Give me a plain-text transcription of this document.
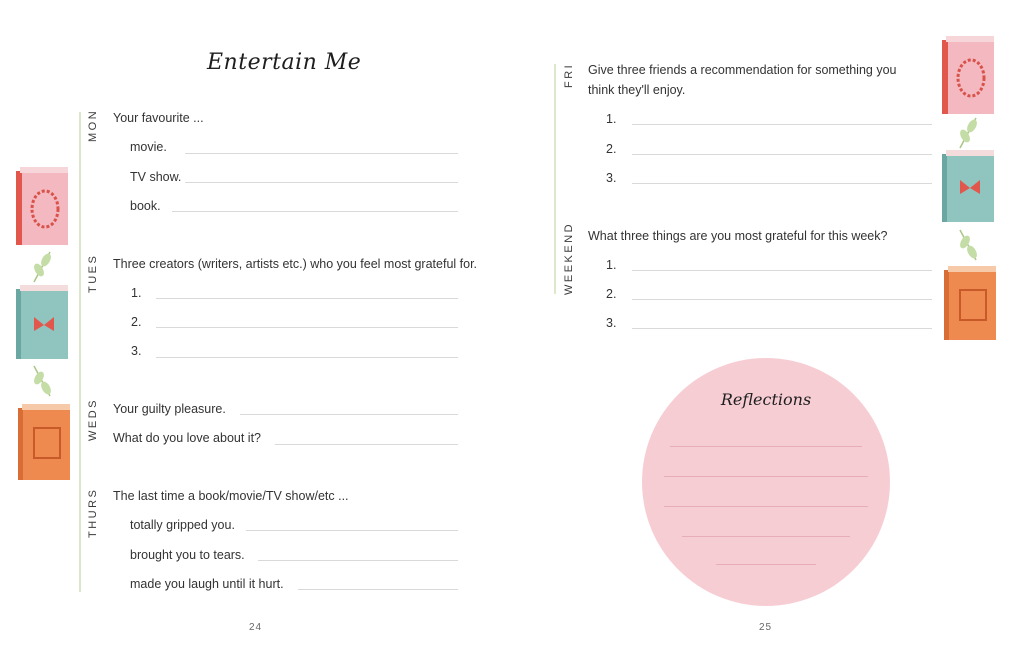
Entertain Me
MON Your favourite ...
movie.
TV show.
book.
TUES Three creators (writers, artists etc.) who you feel most grateful for.
1.
2.
3.
WEDS Your guilty pleasure.
What do you love about it?
THURS The last time a book/movie/TV show/etc ...
totally gripped you.
brought you to tears.
made you laugh until it hurt.
24
FRI Give three friends a recommendation for something you
think they'll enjoy.
1.
2.
3.
WEEKEND What three things are you most grateful for this week?
1.
2.
3.
Reflections
25
